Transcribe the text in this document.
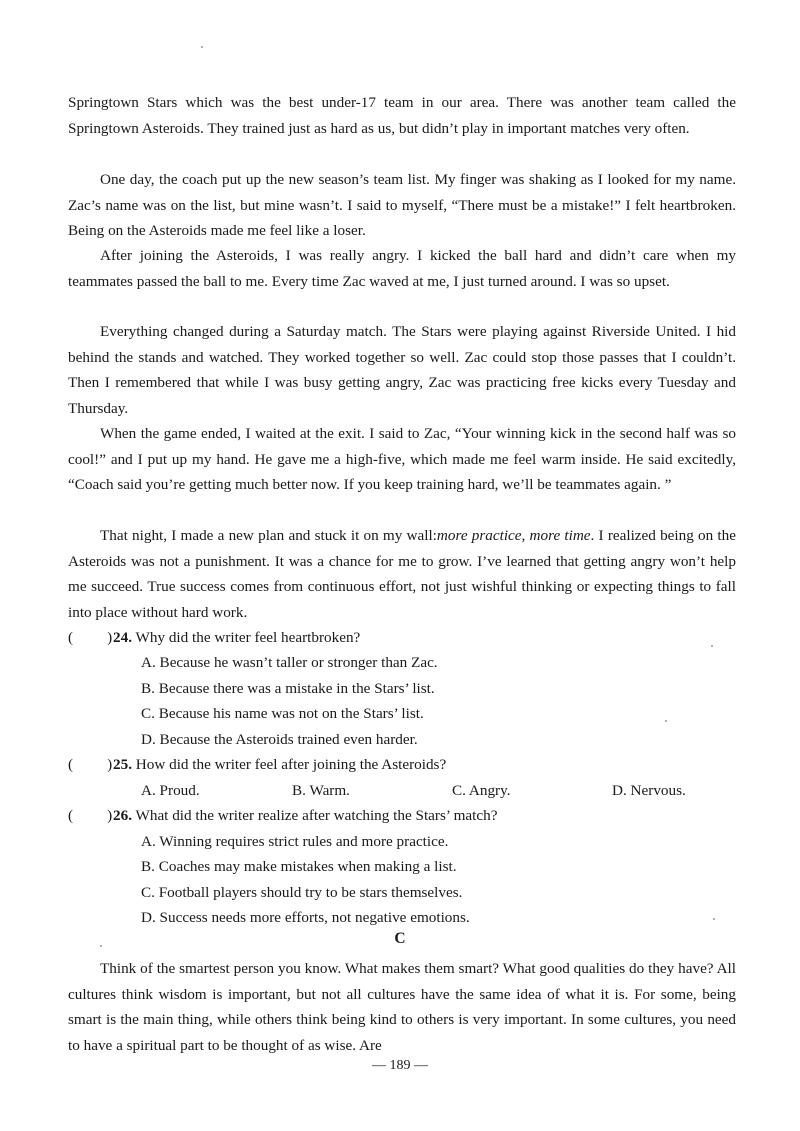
Springtown Stars which was the best under-17 team in our area. There was another team called the Springtown Asteroids. They trained just as hard as us, but didn’t play in important matches very often.

One day, the coach put up the new season’s team list. My finger was shaking as I looked for my name. Zac’s name was on the list, but mine wasn’t. I said to myself, “There must be a mistake!” I felt heartbroken. Being on the Asteroids made me feel like a loser.

After joining the Asteroids, I was really angry. I kicked the ball hard and didn’t care when my teammates passed the ball to me. Every time Zac waved at me, I just turned around. I was so upset.

Everything changed during a Saturday match. The Stars were playing against Riverside United. I hid behind the stands and watched. They worked together so well. Zac could stop those passes that I couldn’t. Then I remembered that while I was busy getting angry, Zac was practicing free kicks every Tuesday and Thursday.

When the game ended, I waited at the exit. I said to Zac, “Your winning kick in the second half was so cool!” and I put up my hand. He gave me a high-five, which made me feel warm inside. He said excitedly, “Coach said you’re getting much better now. If you keep training hard, we’ll be teammates again. ”

That night, I made a new plan and stuck it on my wall:more practice, more time. I realized being on the Asteroids was not a punishment. It was a chance for me to grow. I’ve learned that getting angry won’t help me succeed. True success comes from continuous effort, not just wishful thinking or expecting things to fall into place without hard work.

( )24. Why did the writer feel heartbroken?
A. Because he wasn’t taller or stronger than Zac.
B. Because there was a mistake in the Stars’ list.
C. Because his name was not on the Stars’ list.
D. Because the Asteroids trained even harder.
( )25. How did the writer feel after joining the Asteroids?
A. Proud.	B. Warm.	C. Angry.	D. Nervous.
( )26. What did the writer realize after watching the Stars’ match?
A. Winning requires strict rules and more practice.
B. Coaches may make mistakes when making a list.
C. Football players should try to be stars themselves.
D. Success needs more efforts, not negative emotions.
C

Think of the smartest person you know. What makes them smart? What good qualities do they have? All cultures think wisdom is important, but not all cultures have the same idea of what it is. For some, being smart is the main thing, while others think being kind to others is very important. In some cultures, you need to have a spiritual part to be thought of as wise. Are

— 189 —
